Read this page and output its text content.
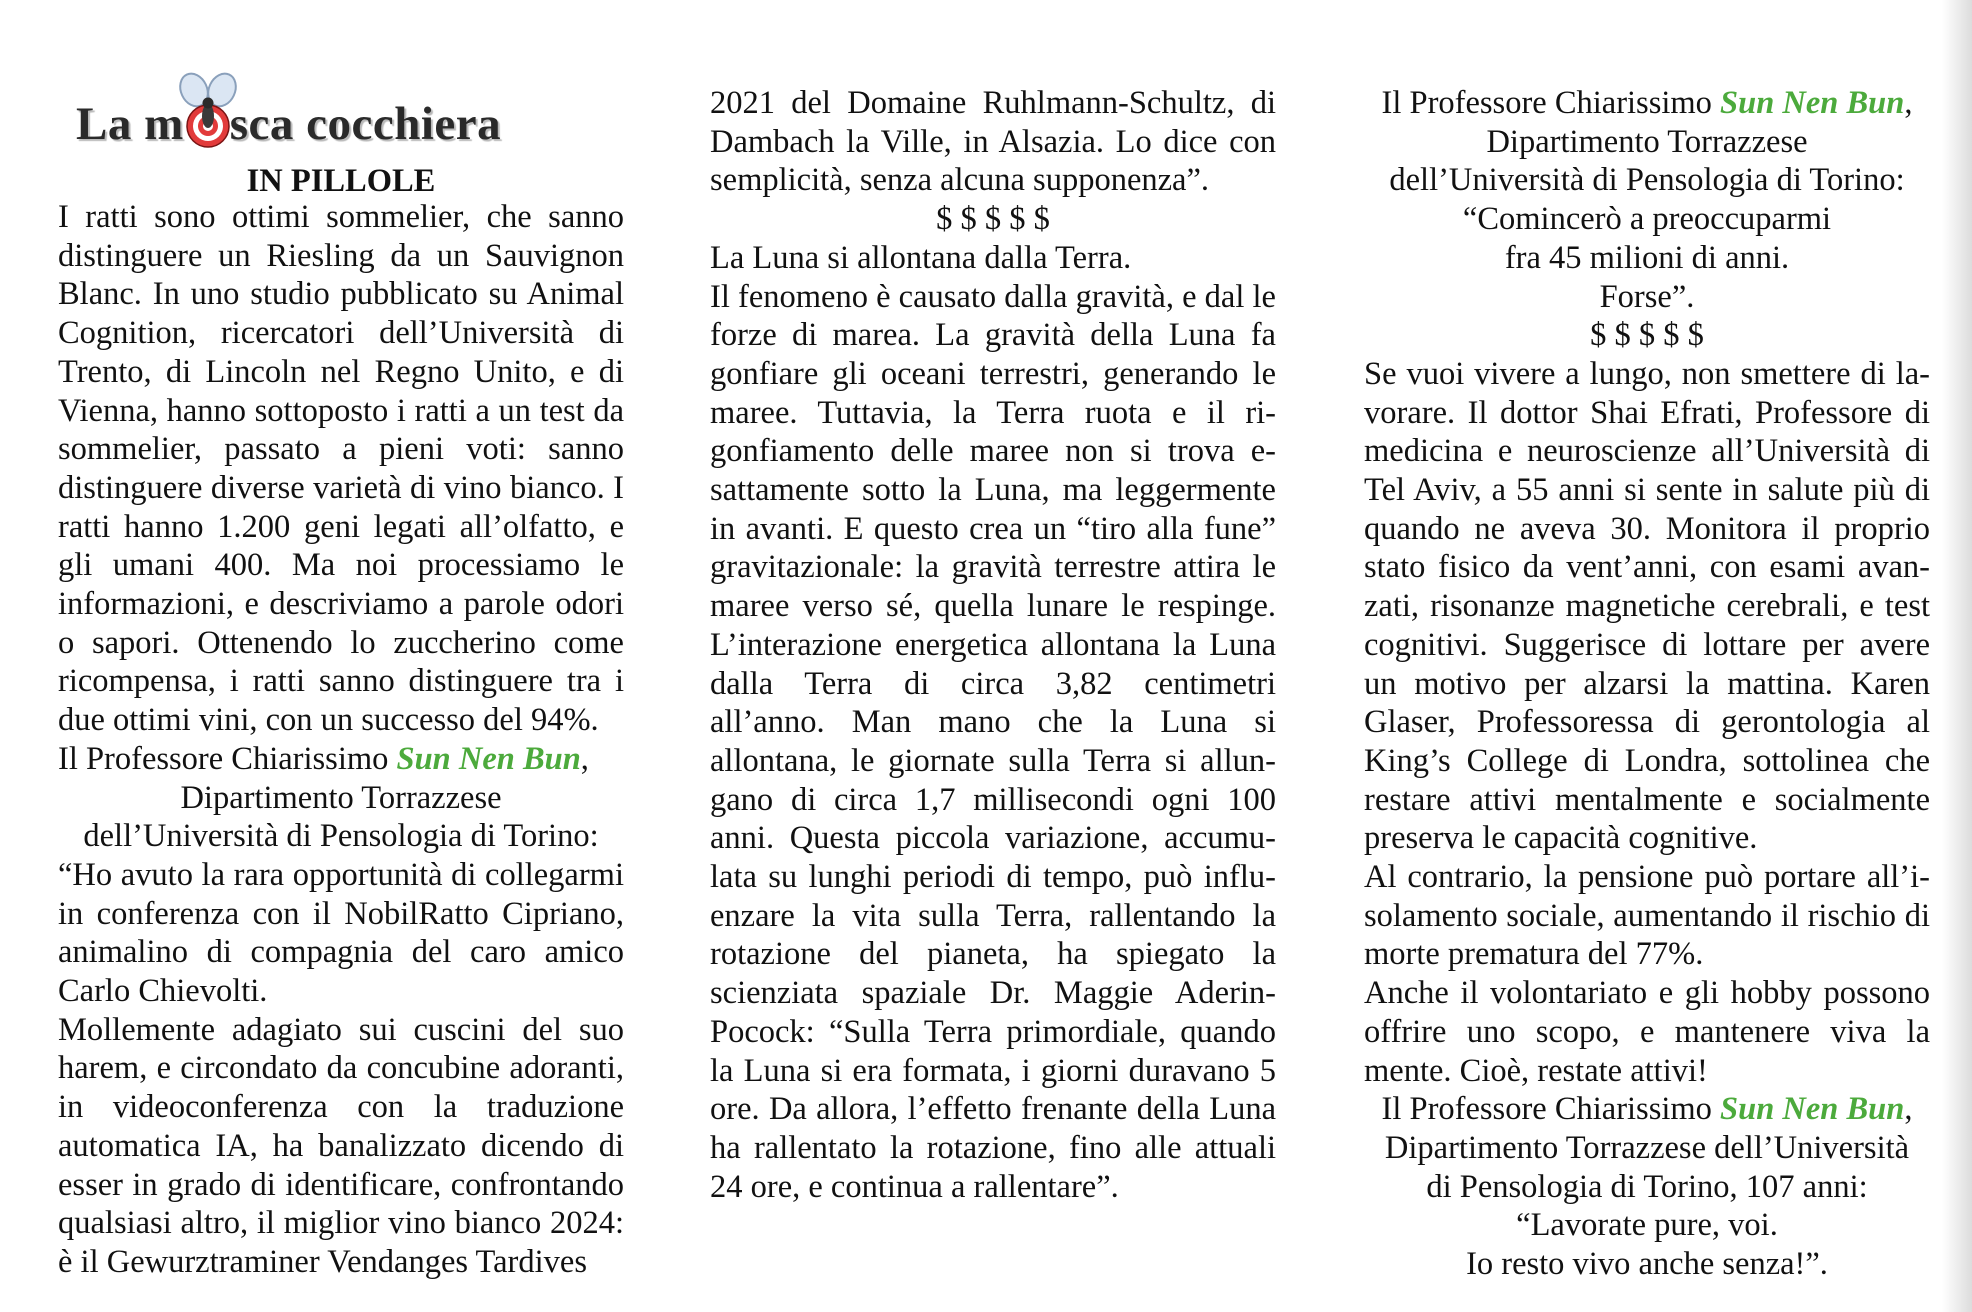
La m sca cocchiera
IN PILLOLE

I ratti sono ottimi sommelier, che sanno distinguere un Riesling da un Sauvignon Blanc. In uno studio pubblicato su Animal Cognition, ricercatori dell’Università di Trento, di Lincoln nel Regno Unito, e di Vienna, hanno sottoposto i ratti a un test da sommelier, passato a pieni voti: sanno distinguere diverse varietà di vino bianco. I ratti hanno 1.200 geni legati all’olfatto, e gli umani 400. Ma noi processiamo le informazioni, e descriviamo a parole odori o sapori. Ottenendo lo zuccherino come ricompensa, i ratti sanno distinguere tra i due ottimi vini, con un successo del 94%.

Il Professore Chiarissimo Sun Nen Bun,

Dipartimento Torrazzese

dell’Università di Pensologia di Torino:

“Ho avuto la rara opportunità di collegarmi in conferenza con il NobilRatto Cipriano, animalino di compagnia del caro amico Carlo Chievolti.

Mollemente adagiato sui cuscini del suo harem, e circondato da concubine adoranti, in videoconferenza con la traduzione automatica IA, ha banalizzato dicendo di esser in grado di identificare, confrontando qualsiasi altro, il miglior vino bianco 2024: è il Gewurztraminer Vendanges Tardives

2021 del Domaine Ruhlmann-Schultz, di Dambach la Ville, in Alsazia. Lo dice con semplicità, senza alcuna supponenza”.

$ $ $ $ $

La Luna si allontana dalla Terra.

Il fenomeno è causato dalla gravità, e dal le forze di marea. La gravità della Luna fa gonfiare gli oceani terrestri, generando le maree. Tuttavia, la Terra ruota e il rigonfiamento delle maree non si trova esattamente sotto la Luna, ma leggermente in avanti. E questo crea un “tiro alla fune” gravitazionale: la gravità terrestre attira le maree verso sé, quella lunare le respinge. L’interazione energetica allontana la Luna dalla Terra di circa 3,82 centimetri all’anno. Man mano che la Luna si allontana, le giornate sulla Terra si allungano di circa 1,7 millisecondi ogni 100 anni. Questa piccola variazione, accumulata su lunghi periodi di tempo, può influenzare la vita sulla Terra, rallentando la rotazione del pianeta, ha spiegato la scienziata spaziale Dr. Maggie Aderin-Pocock: “Sulla Terra primordiale, quando la Luna si era formata, i giorni duravano 5 ore. Da allora, l’effetto frenante della Luna ha rallentato la rotazione, fino alle attuali 24 ore, e continua a rallentare”.

Il Professore Chiarissimo Sun Nen Bun,

Dipartimento Torrazzese

dell’Università di Pensologia di Torino:

“Comincerò a preoccuparmi

fra 45 milioni di anni.

Forse”.

$ $ $ $ $

Se vuoi vivere a lungo, non smettere di lavorare. Il dottor Shai Efrati, Professore di medicina e neuroscienze all’Università di Tel Aviv, a 55 anni si sente in salute più di quando ne aveva 30. Monitora il proprio stato fisico da vent’anni, con esami avanzati, risonanze magnetiche cerebrali, e test cognitivi. Suggerisce di lottare per avere un motivo per alzarsi la mattina. Karen Glaser, Professoressa di gerontologia al King’s College di Londra, sottolinea che restare attivi mentalmente e socialmente preserva le capacità cognitive.

Al contrario, la pensione può portare all’isolamento sociale, aumentando il rischio di morte prematura del 77%.

Anche il volontariato e gli hobby possono offrire uno scopo, e mantenere viva la mente. Cioè, restate attivi!

Il Professore Chiarissimo Sun Nen Bun,

Dipartimento Torrazzese dell’Università

di Pensologia di Torino, 107 anni:

“Lavorate pure, voi.

Io resto vivo anche senza!”.
